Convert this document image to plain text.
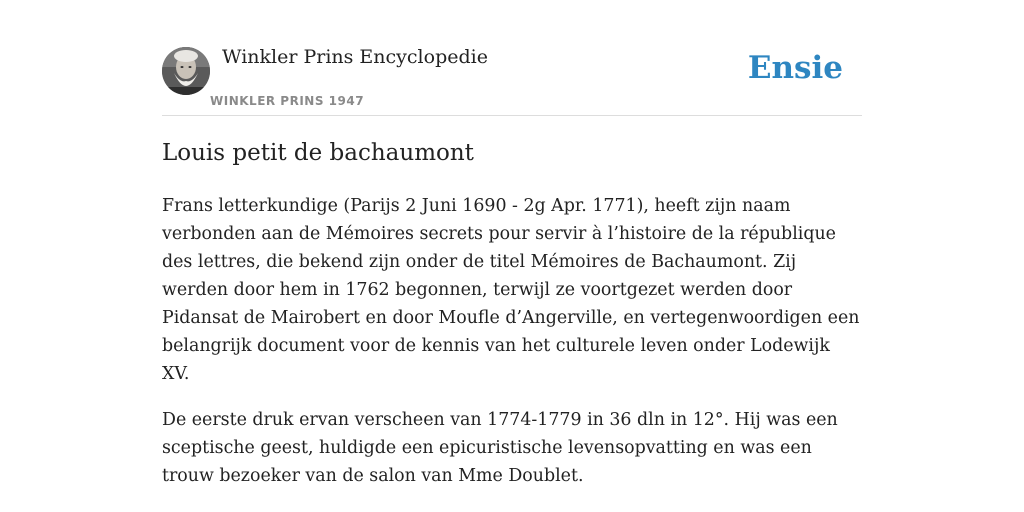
Winkler Prins Encyclopedie
WINKLER PRINS 1947
Ensie
Louis petit de bachaumont

Frans letterkundige (Parijs 2 Juni 1690 - 2g Apr. 1771), heeft zijn naam verbonden aan de Mémoires secrets pour servir à l’histoire de la république des lettres, die bekend zijn onder de titel Mémoires de Bachaumont. Zij werden door hem in 1762 begonnen, terwijl ze voortgezet werden door Pidansat de Mairobert en door Moufle d’Angerville, en vertegenwoordigen een belangrijk document voor de kennis van het culturele leven onder Lodewijk XV.

De eerste druk ervan verscheen van 1774-1779 in 36 dln in 12°. Hij was een sceptische geest, huldigde een epicuristische levensopvatting en was een trouw bezoeker van de salon van Mme Doublet.
